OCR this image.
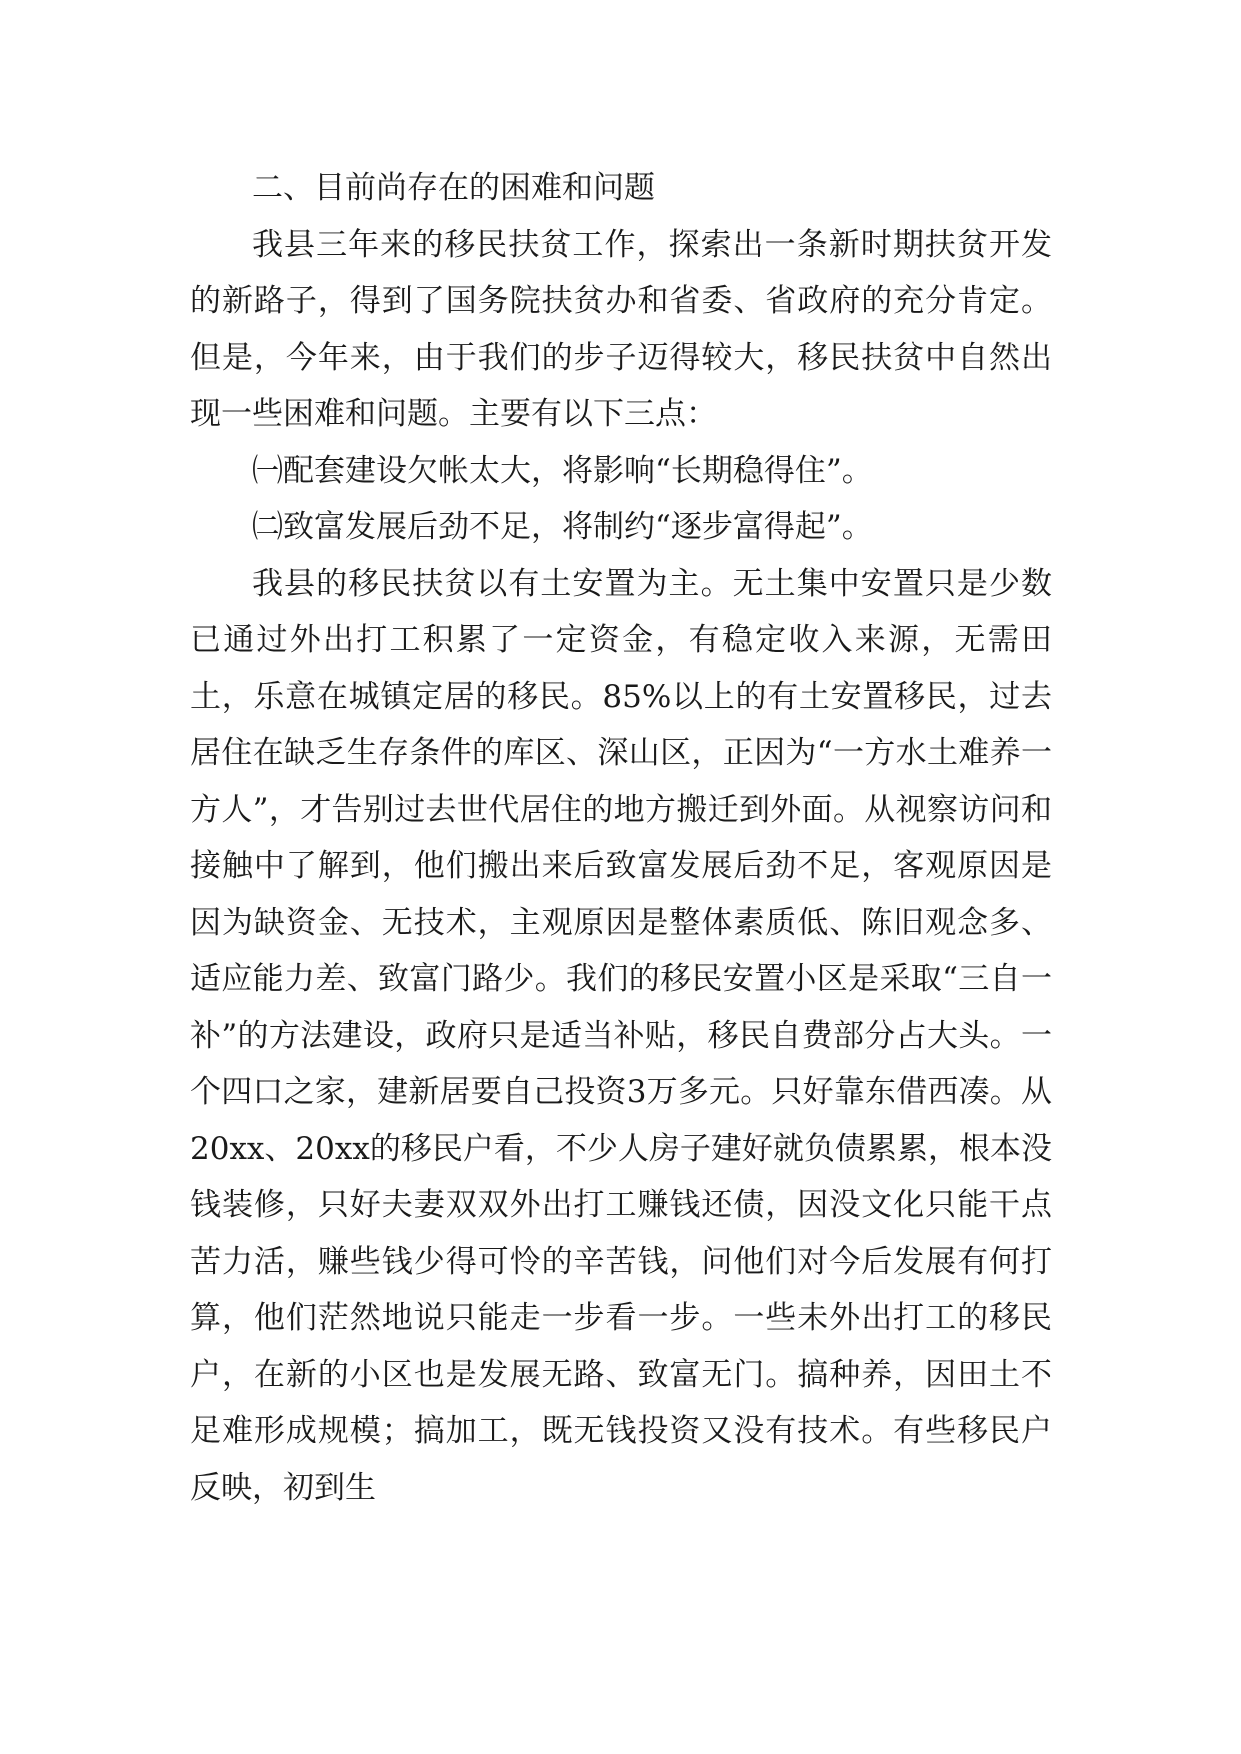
二、目前尚存在的困难和问题

我县三年来的移民扶贫工作，探索出一条新时期扶贫开发的新路子，得到了国务院扶贫办和省委、省政府的充分肯定。但是，今年来，由于我们的步子迈得较大，移民扶贫中自然出现一些困难和问题。主要有以下三点：

㈠配套建设欠帐太大，将影响“长期稳得住”。

㈡致富发展后劲不足，将制约“逐步富得起”。

我县的移民扶贫以有土安置为主。无土集中安置只是少数已通过外出打工积累了一定资金，有稳定收入来源，无需田土，乐意在城镇定居的移民。85%以上的有土安置移民，过去居住在缺乏生存条件的库区、深山区，正因为“一方水土难养一方人”，才告别过去世代居住的地方搬迁到外面。从视察访问和接触中了解到，他们搬出来后致富发展后劲不足，客观原因是因为缺资金、无技术，主观原因是整体素质低、陈旧观念多、适应能力差、致富门路少。我们的移民安置小区是采取“三自一补”的方法建设，政府只是适当补贴，移民自费部分占大头。一个四口之家，建新居要自己投资3万多元。只好靠东借西凑。从20xx、20xx的移民户看，不少人房子建好就负债累累，根本没钱装修，只好夫妻双双外出打工赚钱还债，因没文化只能干点苦力活，赚些钱少得可怜的辛苦钱，问他们对今后发展有何打算，他们茫然地说只能走一步看一步。一些未外出打工的移民户，在新的小区也是发展无路、致富无门。搞种养，因田土不足难形成规模；搞加工，既无钱投资又没有技术。有些移民户反映，初到生
